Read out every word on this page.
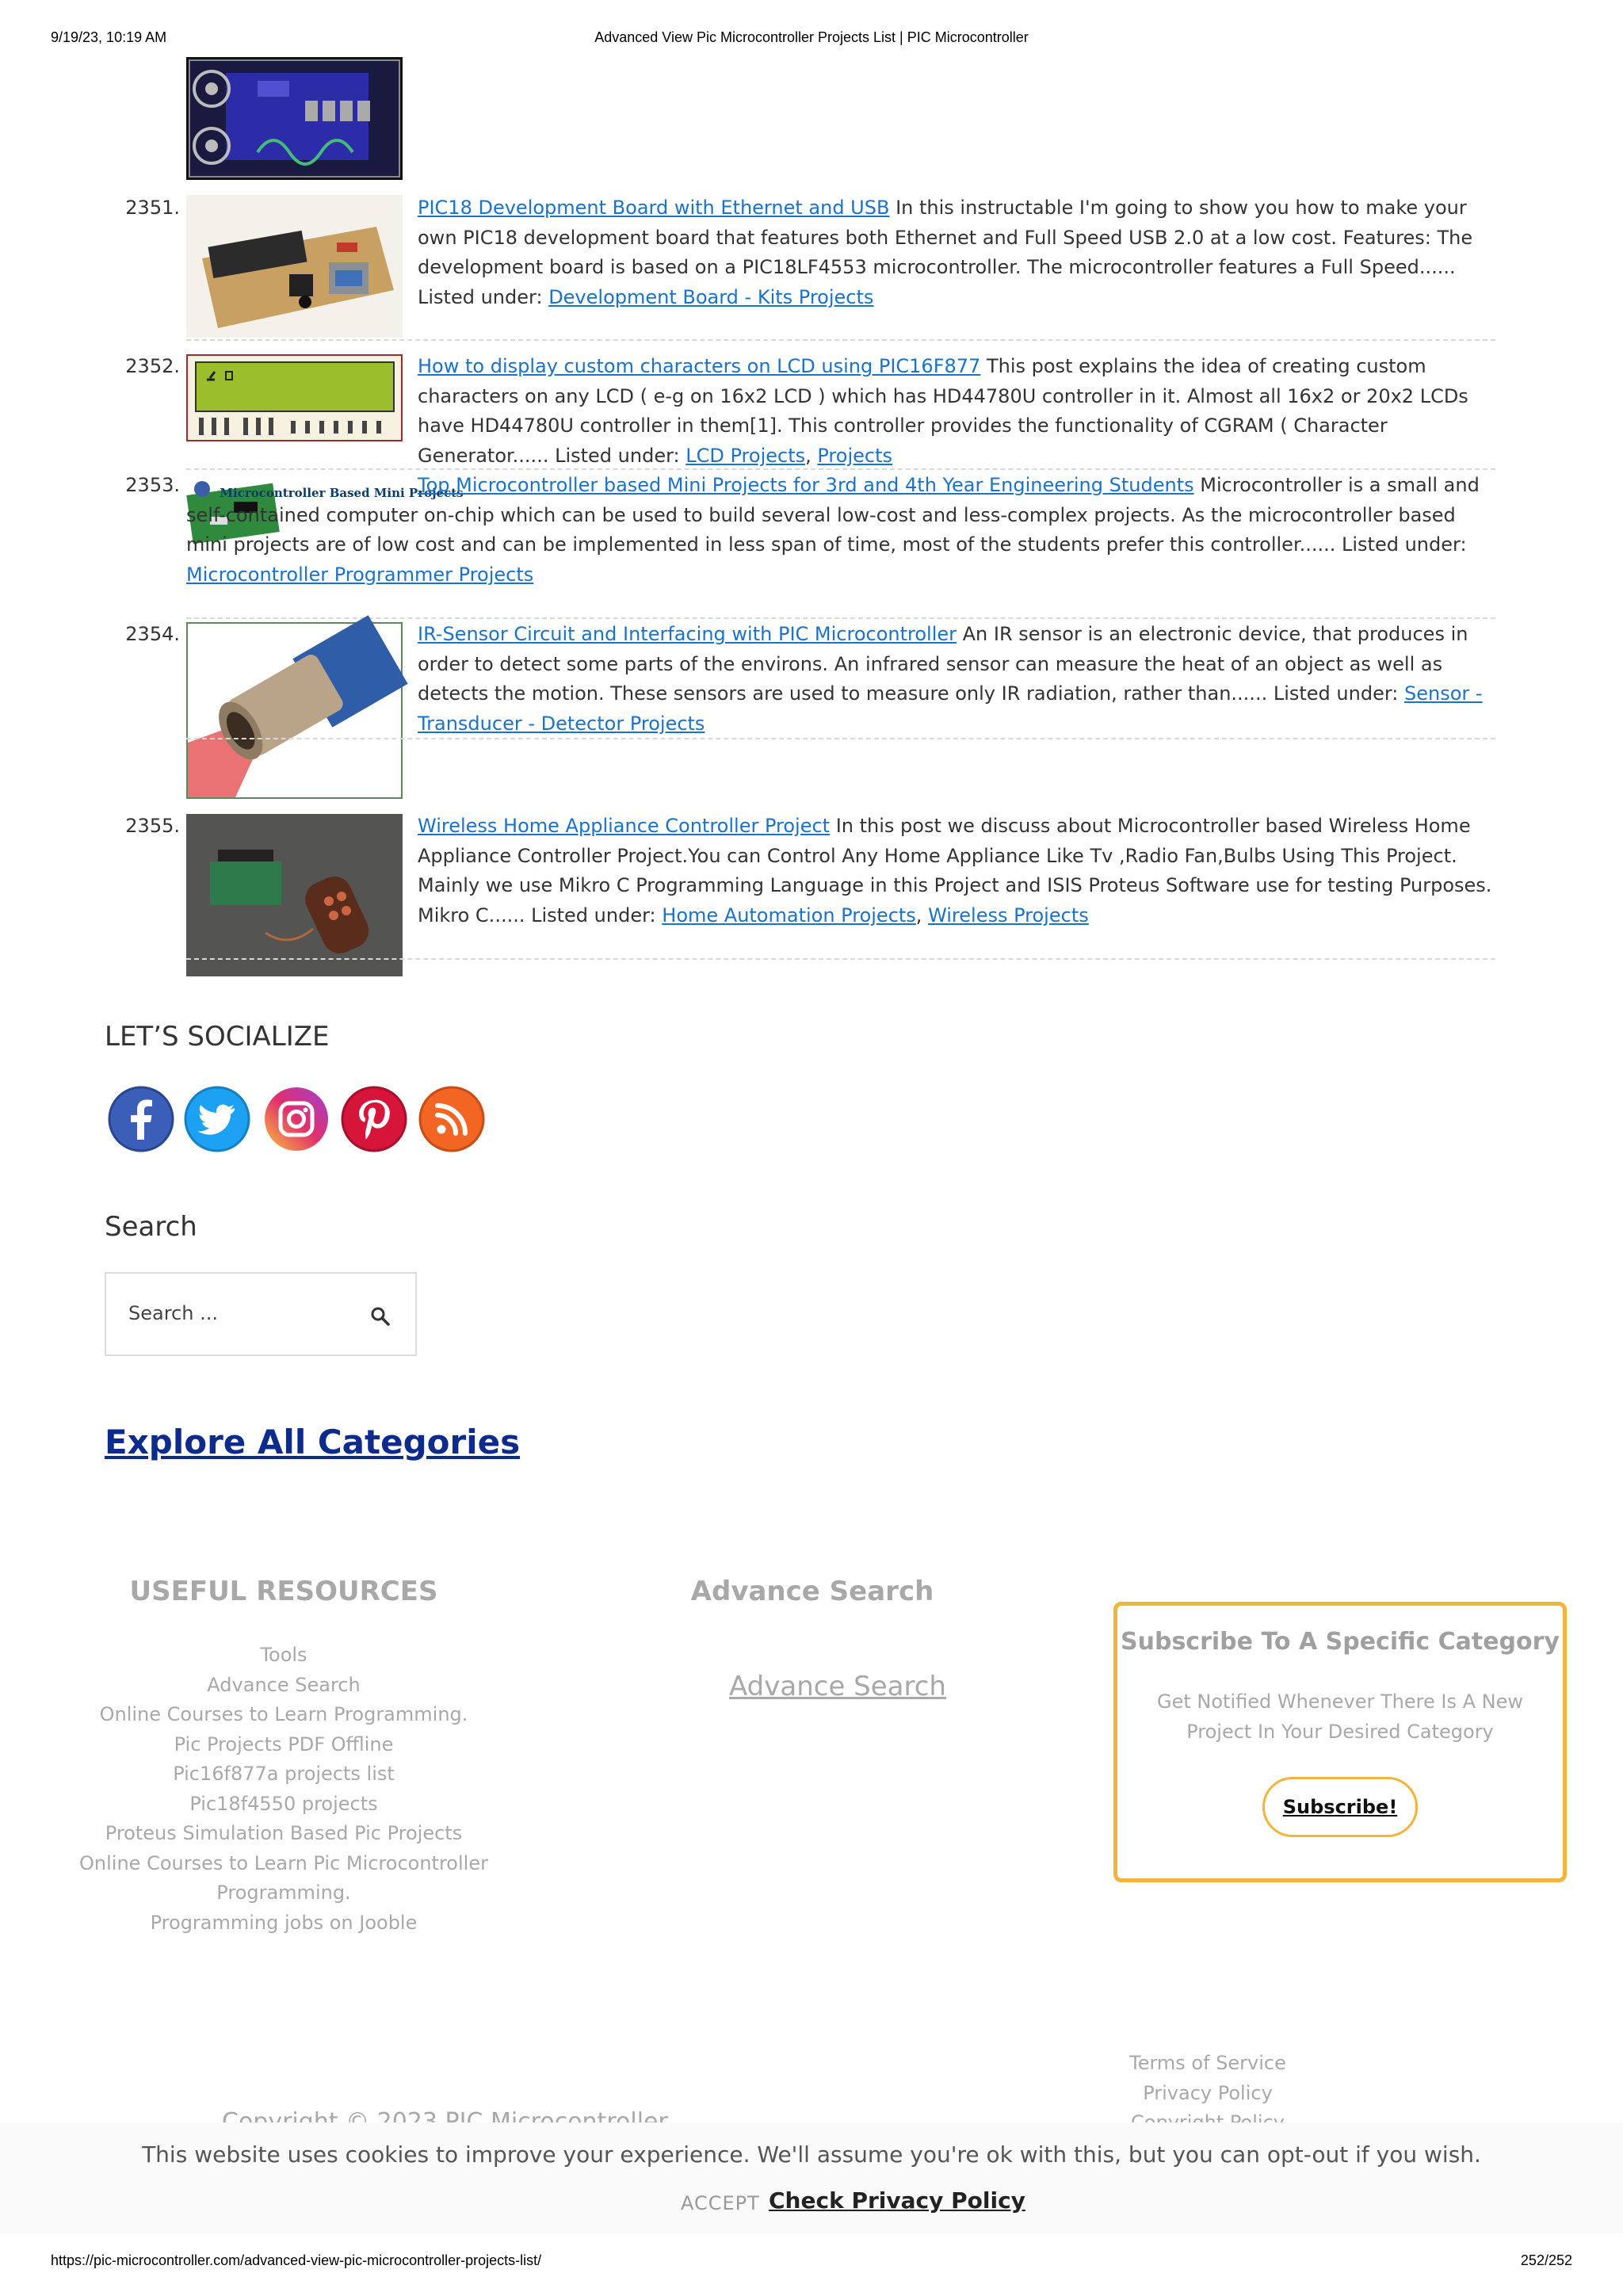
9/19/23, 10:19 AM	Advanced View Pic Microcontroller Projects List | PIC Microcontroller
2351.	PIC18 Development Board with Ethernet and USB In this instructable I'm going to show you how to make your own PIC18 development board that features both Ethernet and Full Speed USB 2.0 at a low cost. Features: The development board is based on a PIC18LF4553 microcontroller. The microcontroller features a Full Speed...... Listed under: Development Board - Kits Projects
2352.	How to display custom characters on LCD using PIC16F877 This post explains the idea of creating custom characters on any LCD ( e-g on 16x2 LCD ) which has HD44780U controller in it. Almost all 16x2 or 20x2 LCDs have HD44780U controller in them[1]. This controller provides the functionality of CGRAM ( Character Generator...... Listed under: LCD Projects, Projects
2353.	Microcontroller Based Mini Projects
Top Microcontroller based Mini Projects for 3rd and 4th Year Engineering Students Microcontroller is a small and self-contained computer on-chip which can be used to build several low-cost and less-complex projects. As the microcontroller based mini projects are of low cost and can be implemented in less span of time, most of the students prefer this controller...... Listed under: Microcontroller Programmer Projects
2354.	IR-Sensor Circuit and Interfacing with PIC Microcontroller An IR sensor is an electronic device, that produces in order to detect some parts of the environs. An infrared sensor can measure the heat of an object as well as detects the motion. These sensors are used to measure only IR radiation, rather than...... Listed under: Sensor - Transducer - Detector Projects
2355.	Wireless Home Appliance Controller Project In this post we discuss about Microcontroller based Wireless Home Appliance Controller Project.You can Control Any Home Appliance Like Tv ,Radio Fan,Bulbs Using This Project. Mainly we use Mikro C Programming Language in this Project and ISIS Proteus Software use for testing Purposes. Mikro C...... Listed under: Home Automation Projects, Wireless Projects
LET’S SOCIALIZE
Search
Search ...
Explore All Categories
USEFUL RESOURCES
Tools
Advance Search
Online Courses to Learn Programming.
Pic Projects PDF Offline
Pic16f877a projects list
Pic18f4550 projects
Proteus Simulation Based Pic Projects
Online Courses to Learn Pic Microcontroller Programming.
Programming jobs on Jooble
Advance Search
Advance Search
Subscribe To A Specific Category
Get Notified Whenever There Is A New Project In Your Desired Category
Subscribe!
Terms of Service
Privacy Policy
This website uses cookies to improve your experience. We'll assume you're ok with this, but you can opt-out if you wish.
ACCEPT Check Privacy Policy
https://pic-microcontroller.com/advanced-view-pic-microcontroller-projects-list/	252/252
